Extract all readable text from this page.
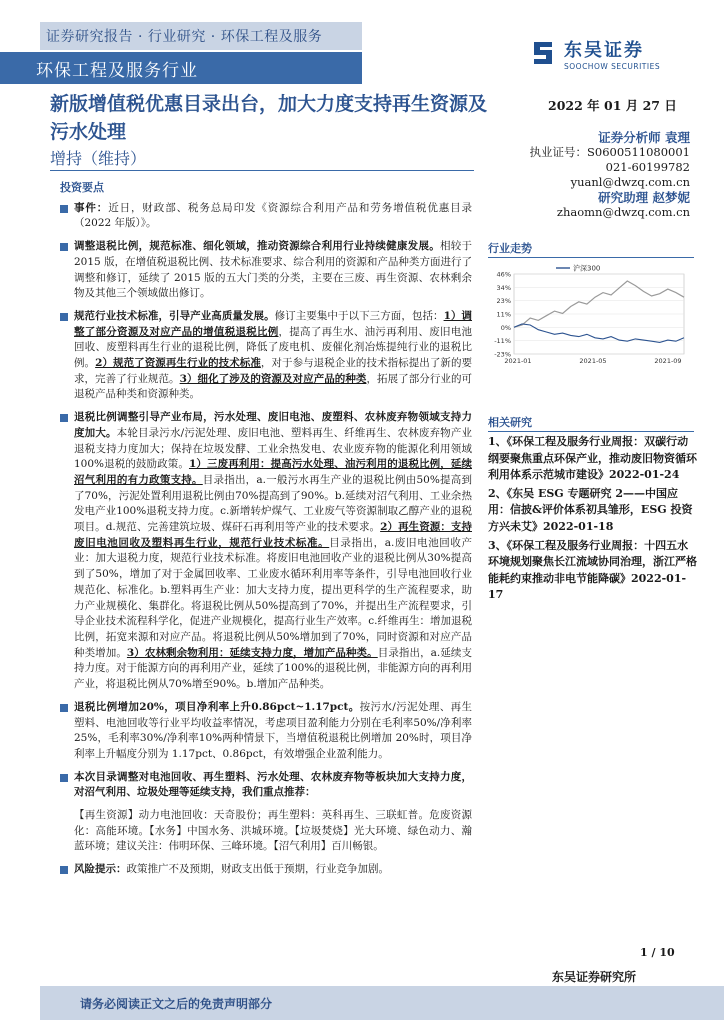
证券研究报告 · 行业研究 · 环保工程及服务
环保工程及服务行业
东吴证券
SOOCHOW SECURITIES
新版增值税优惠目录出台，加大力度支持再生资源及污水处理
增持（维持）
2022 年 01 月 27 日
证券分析师 袁理
执业证号：S0600511080001
021-60199782
yuanl@dwzq.com.cn
研究助理 赵梦妮
zhaomn@dwzq.com.cn
投资要点
事件：近日，财政部、税务总局印发《资源综合利用产品和劳务增值税优惠目录（2022 年版）》。
调整退税比例，规范标准、细化领域，推动资源综合利用行业持续健康发展。相较于 2015 版，在增值税退税比例、技术标准要求、综合利用的资源和产品种类方面进行了调整和修订，延续了 2015 版的五大门类的分类，主要在三废、再生资源、农林剩余物及其他三个领域做出修订。
规范行业技术标准，引导产业高质量发展。修订主要集中于以下三方面，包括：1）调整了部分资源及对应产品的增值税退税比例，提高了再生水、油污再利用、废旧电池回收、废塑料再生行业的退税比例，降低了废电机、废催化剂冶炼提纯行业的退税比例。2）规范了资源再生行业的技术标准，对于参与退税企业的技术指标提出了新的要求，完善了行业规范。3）细化了涉及的资源及对应产品的种类，拓展了部分行业的可退税产品种类和资源种类。
退税比例调整引导产业布局，污水处理、废旧电池、废塑料、农林废弃物领域支持力度加大。本轮目录污水/污泥处理、废旧电池、塑料再生、纤维再生、农林废弃物产业退税支持力度加大；保持在垃圾发酵、工业余热发电、农业废弃物的能源化利用领域100%退税的鼓励政策。1）三废再利用：提高污水处理、油污利用的退税比例，延续沼气利用的有力政策支持。目录指出，a.一般污水再生产业的退税比例由50%提高到了70%，污泥处置利用退税比例由70%提高到了90%。b.延续对沼气利用、工业余热发电产业100%退税支持力度。c.新增转炉煤气、工业废气等资源制取乙醇产业的退税项目。d.规范、完善建筑垃圾、煤矸石再利用等产业的技术要求。2）再生资源：支持废旧电池回收及塑料再生行业，规范行业技术标准。目录指出，a.废旧电池回收产业：加大退税力度，规范行业技术标准。将废旧电池回收产业的退税比例从30%提高到了50%，增加了对于金属回收率、工业废水循环利用率等条件，引导电池回收行业规范化、标准化。b.塑料再生产业：加大支持力度，提出更科学的生产流程要求，助力产业规模化、集群化。将退税比例从50%提高到了70%，并提出生产流程要求，引导企业技术流程科学化，促进产业规模化，提高行业生产效率。c.纤维再生：增加退税比例，拓宽来源和对应产品。将退税比例从50%增加到了70%，同时资源和对应产品种类增加。3）农林剩余物利用：延续支持力度，增加产品种类。目录指出，a.延续支持力度。对于能源方向的再利用产业，延续了100%的退税比例，非能源方向的再利用产业，将退税比例从70%增至90%。b.增加产品种类。
退税比例增加20%，项目净利率上升0.86pct~1.17pct。按污水/污泥处理、再生塑料、电池回收等行业平均收益率情况，考虑项目盈利能力分别在毛利率50%/净利率25%，毛利率30%/净利率10%两种情景下，当增值税退税比例增加 20%时，项目净利率上升幅度分别为 1.17pct、0.86pct，有效增强企业盈利能力。
本次目录调整对电池回收、再生塑料、污水处理、农林废弃物等板块加大支持力度，对沼气利用、垃圾处理等延续支持，我们重点推荐：
【再生资源】动力电池回收：天奇股份；再生塑料：英科再生、三联虹普。危废资源化：高能环境。【水务】中国水务、洪城环境。【垃圾焚烧】光大环境、绿色动力、瀚蓝环境；建议关注：伟明环保、三峰环境。【沼气利用】百川畅银。
风险提示：政策推广不及预期，财政支出低于预期，行业竞争加剧。
行业走势
46%
34%
23%
11%
0%
-11%
-23%
2021-01	2021-05	2021-09
沪深300
相关研究
1、《环保工程及服务行业周报：双碳行动纲要聚焦重点环保产业，推动废旧物资循环利用体系示范城市建设》2022-01-24
2、《东吴 ESG 专题研究 2——中国应用：信披&评价体系初具雏形，ESG 投资方兴未艾》2022-01-18
3、《环保工程及服务行业周报：十四五水环境规划聚焦长江流域协同治理，浙江严格能耗约束推动非电节能降碳》2022-01-17
1 / 10
东吴证券研究所
请务必阅读正文之后的免责声明部分
